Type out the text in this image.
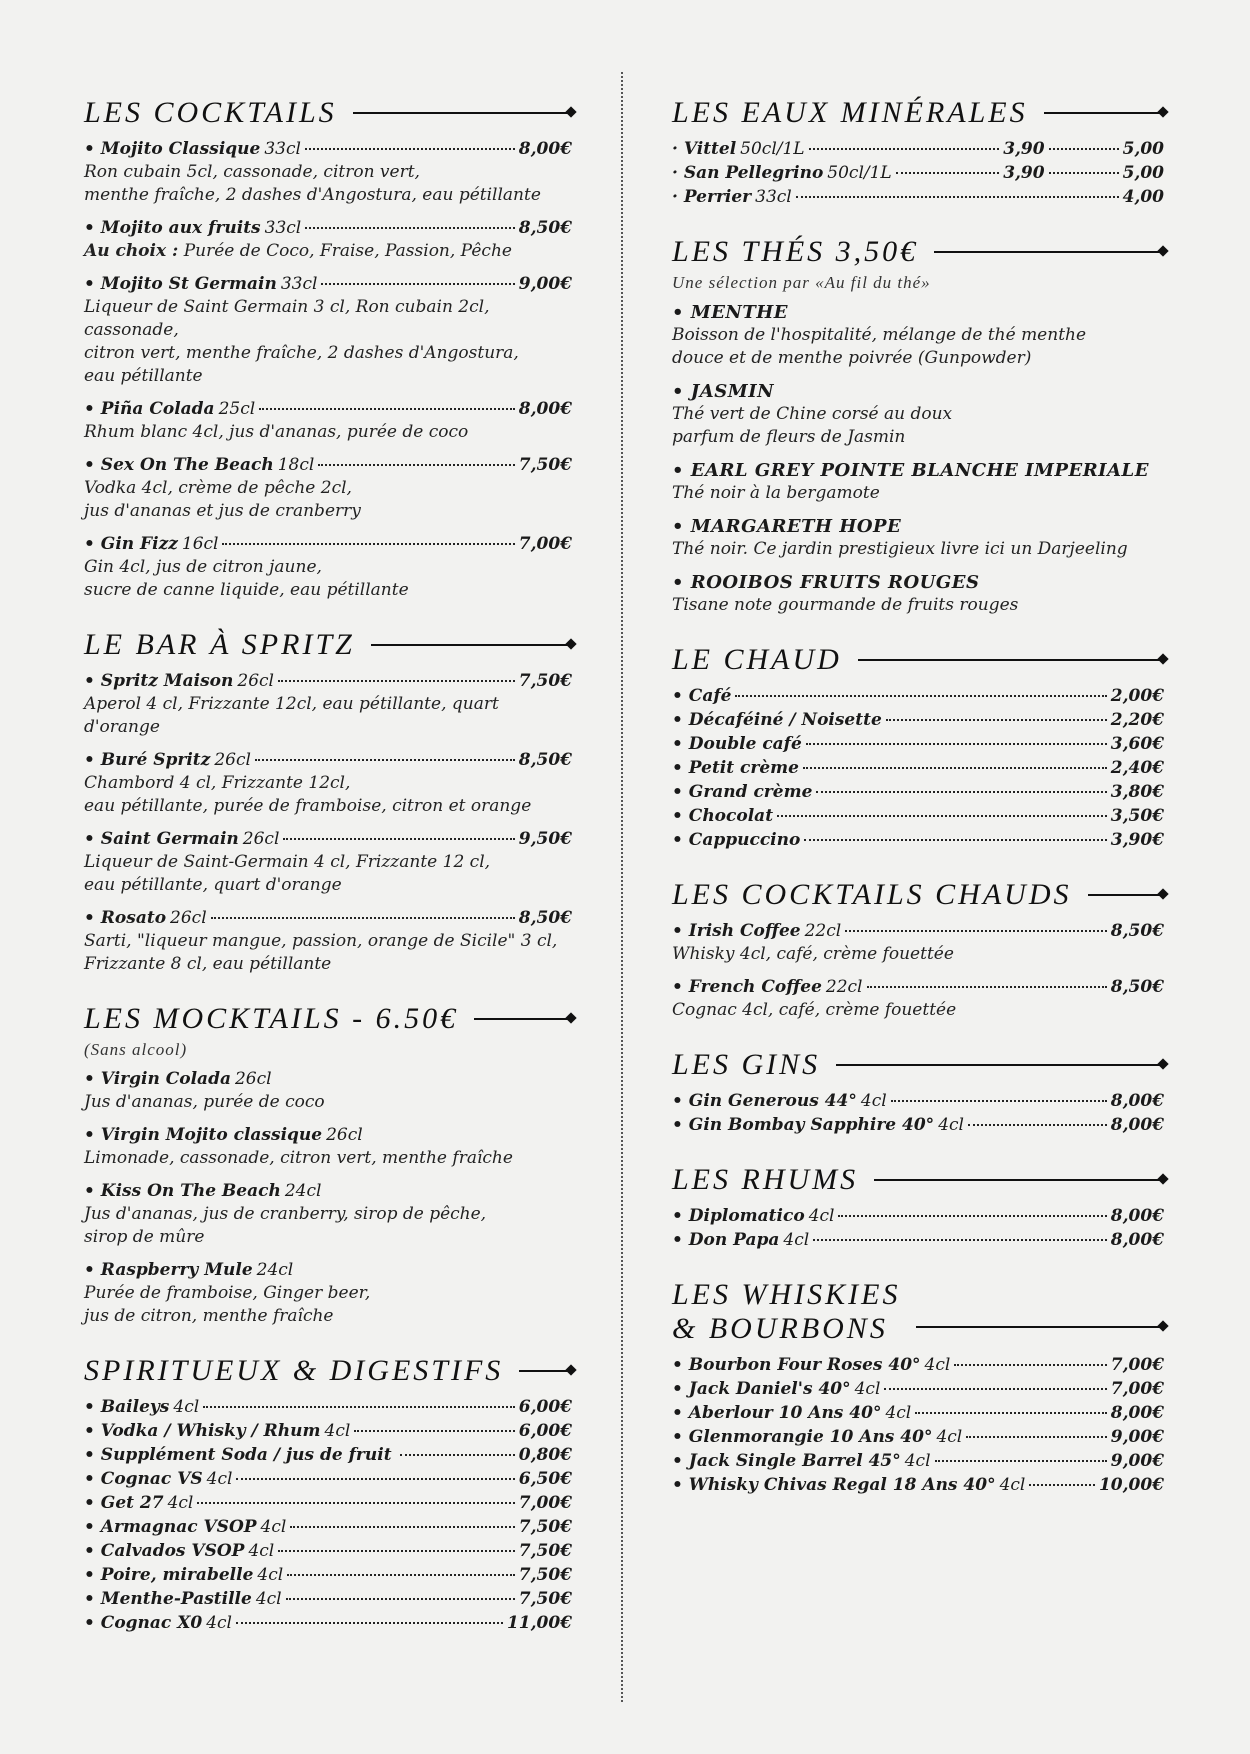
LES COCKTAILS
• Mojito Classique 33cl	8,00€
Ron cubain 5cl, cassonade, citron vert,
menthe fraîche, 2 dashes d'Angostura, eau pétillante
• Mojito aux fruits 33cl	8,50€
Au choix : Purée de Coco, Fraise, Passion, Pêche
• Mojito St Germain 33cl	9,00€
Liqueur de Saint Germain 3 cl, Ron cubain 2cl, cassonade,
citron vert, menthe fraîche, 2 dashes d'Angostura,
eau pétillante
• Piña Colada 25cl	8,00€
Rhum blanc 4cl, jus d'ananas, purée de coco
• Sex On The Beach 18cl	7,50€
Vodka 4cl, crème de pêche 2cl,
jus d'ananas et jus de cranberry
• Gin Fizz 16cl	7,00€
Gin 4cl, jus de citron jaune,
sucre de canne liquide, eau pétillante
LE BAR À SPRITZ
• Spritz Maison 26cl	7,50€
Aperol 4 cl, Frizzante 12cl, eau pétillante, quart d'orange
• Buré Spritz 26cl	8,50€
Chambord 4 cl, Frizzante 12cl,
eau pétillante, purée de framboise, citron et orange
• Saint Germain 26cl	9,50€
Liqueur de Saint-Germain 4 cl, Frizzante 12 cl,
eau pétillante, quart d'orange
• Rosato 26cl	8,50€
Sarti, "liqueur mangue, passion, orange de Sicile" 3 cl,
Frizzante 8 cl, eau pétillante
LES MOCKTAILS - 6.50€
(Sans alcool)
• Virgin Colada 26cl
Jus d'ananas, purée de coco
• Virgin Mojito classique 26cl
Limonade, cassonade, citron vert, menthe fraîche
• Kiss On The Beach 24cl
Jus d'ananas, jus de cranberry, sirop de pêche,
sirop de mûre
• Raspberry Mule 24cl
Purée de framboise, Ginger beer,
jus de citron, menthe fraîche
SPIRITUEUX & DIGESTIFS
• Baileys 4cl	6,00€
• Vodka / Whisky / Rhum 4cl	6,00€
• Supplément Soda / jus de fruit	0,80€
• Cognac VS 4cl	6,50€
• Get 27 4cl	7,00€
• Armagnac VSOP 4cl	7,50€
• Calvados VSOP 4cl	7,50€
• Poire, mirabelle 4cl	7,50€
• Menthe-Pastille 4cl	7,50€
• Cognac X0 4cl	11,00€
LES EAUX MINÉRALES
· Vittel 50cl/1L	3,90	5,00
· San Pellegrino 50cl/1L	3,90	5,00
· Perrier 33cl	4,00
LES THÉS 3,50€
Une sélection par «Au fil du thé»
• MENTHE
Boisson de l'hospitalité, mélange de thé menthe
douce et de menthe poivrée (Gunpowder)
• JASMIN
Thé vert de Chine corsé au doux
parfum de fleurs de Jasmin
• EARL GREY POINTE BLANCHE IMPERIALE
Thé noir à la bergamote
• MARGARETH HOPE
Thé noir. Ce jardin prestigieux livre ici un Darjeeling
• ROOIBOS FRUITS ROUGES
Tisane note gourmande de fruits rouges
LE CHAUD
• Café	2,00€
• Décaféiné / Noisette	2,20€
• Double café	3,60€
• Petit crème	2,40€
• Grand crème	3,80€
• Chocolat	3,50€
• Cappuccino	3,90€
LES COCKTAILS CHAUDS
• Irish Coffee 22cl	8,50€
Whisky 4cl, café, crème fouettée
• French Coffee 22cl	8,50€
Cognac 4cl, café, crème fouettée
LES GINS
• Gin Generous 44° 4cl	8,00€
• Gin Bombay Sapphire 40° 4cl	8,00€
LES RHUMS
• Diplomatico 4cl	8,00€
• Don Papa 4cl	8,00€
LES WHISKIES
& BOURBONS
• Bourbon Four Roses 40° 4cl	7,00€
• Jack Daniel's 40° 4cl	7,00€
• Aberlour 10 Ans 40° 4cl	8,00€
• Glenmorangie 10 Ans 40° 4cl	9,00€
• Jack Single Barrel 45° 4cl	9,00€
• Whisky Chivas Regal 18 Ans 40° 4cl	10,00€
